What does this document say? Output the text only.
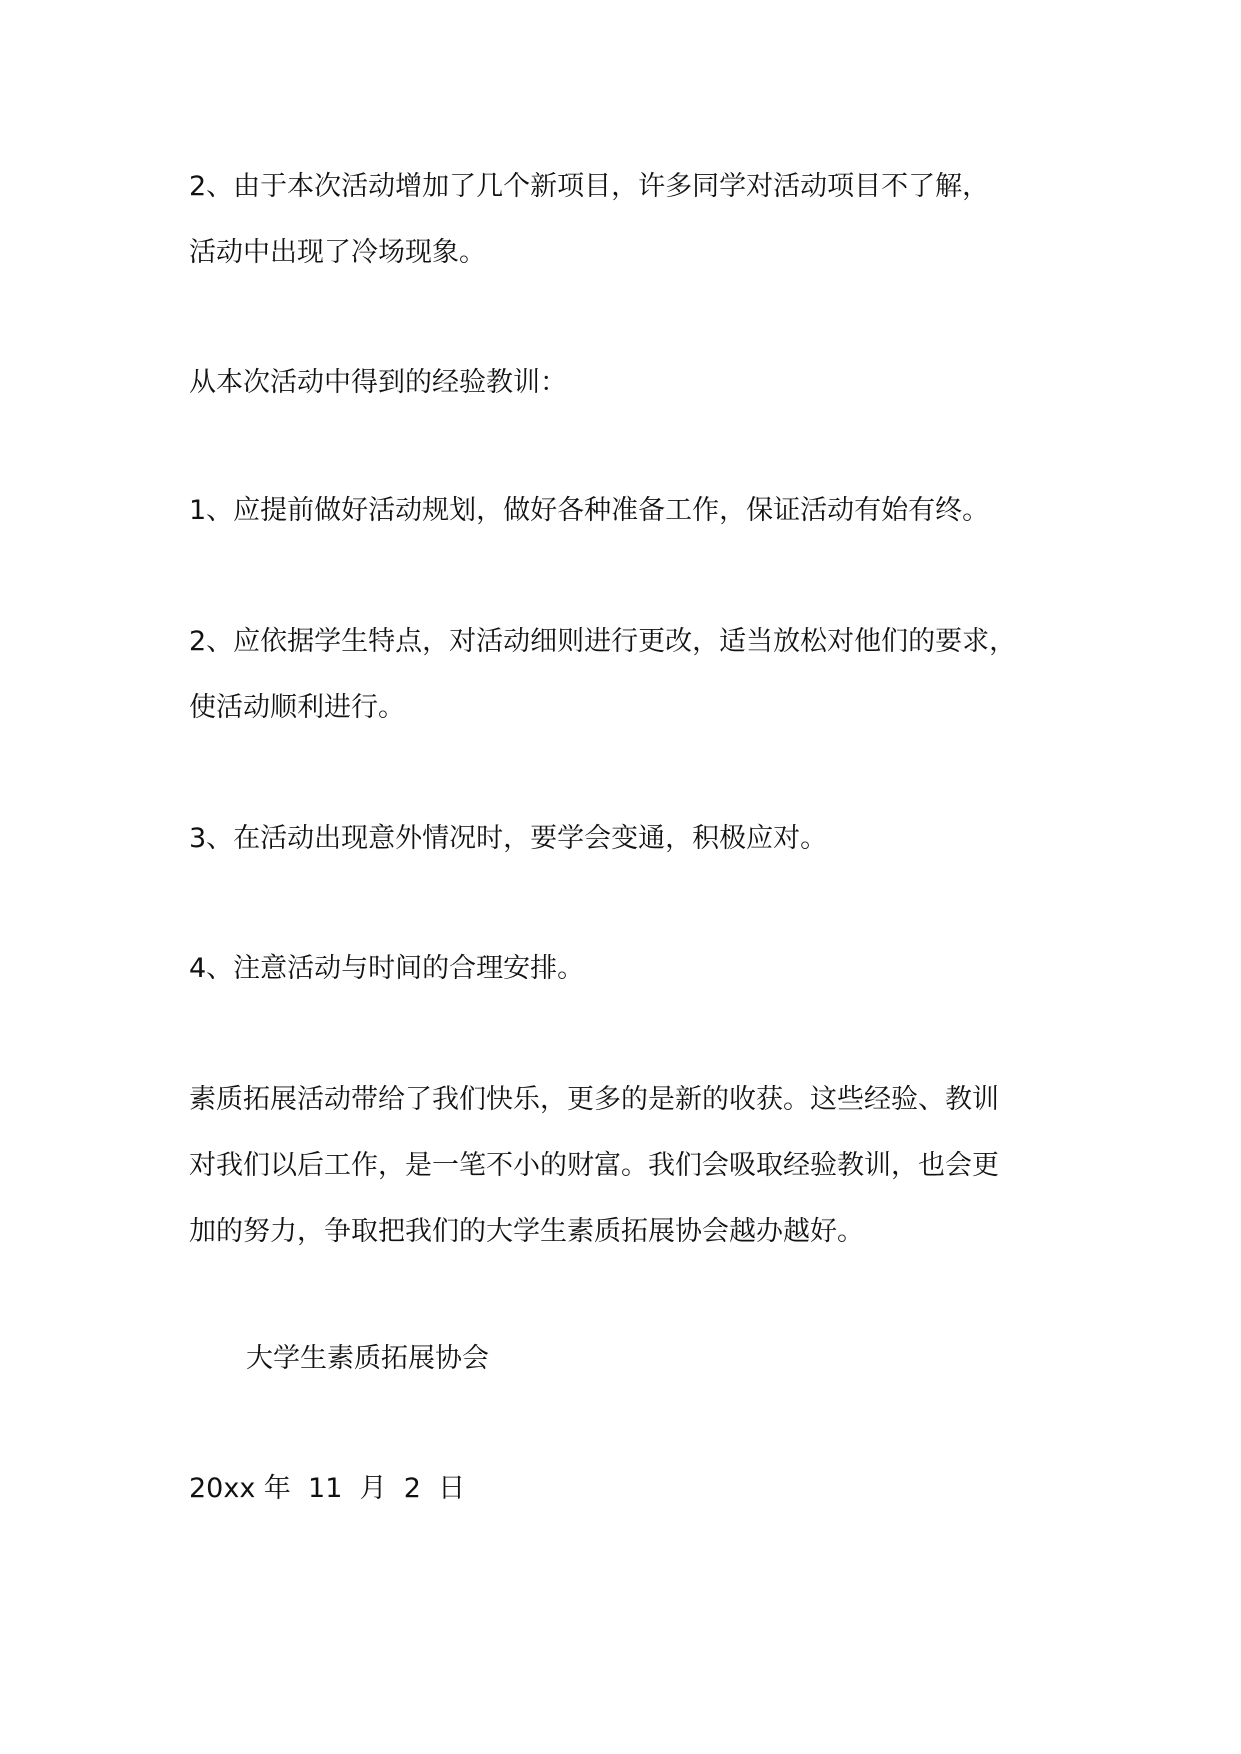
2、由于本次活动增加了几个新项目，许多同学对活动项目不了解，
活动中出现了冷场现象。
从本次活动中得到的经验教训：
1、应提前做好活动规划，做好各种准备工作，保证活动有始有终。
2、应依据学生特点，对活动细则进行更改，适当放松对他们的要求，
使活动顺利进行。
3、在活动出现意外情况时，要学会变通，积极应对。
4、注意活动与时间的合理安排。
素质拓展活动带给了我们快乐，更多的是新的收获。这些经验、教训
对我们以后工作，是一笔不小的财富。我们会吸取经验教训，也会更
加的努力，争取把我们的大学生素质拓展协会越办越好。
大学生素质拓展协会
20xx 年  11  月  2  日
